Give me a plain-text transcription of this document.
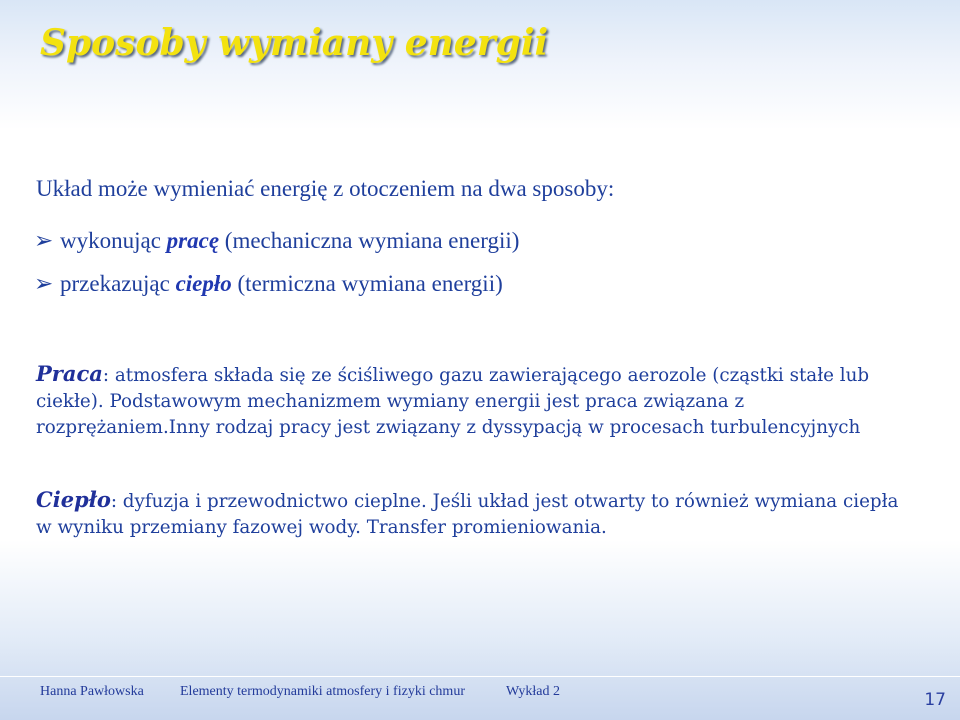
Sposoby wymiany energii
Układ może wymieniać energię z otoczeniem na dwa sposoby:
➢ wykonując pracę (mechaniczna wymiana energii)
➢ przekazując ciepło (termiczna wymiana energii)
Praca: atmosfera składa się ze ściśliwego gazu zawierającego aerozole (cząstki stałe lub ciekłe). Podstawowym mechanizmem wymiany energii jest praca związana z rozprężaniem.Inny rodzaj pracy jest związany z dyssypacją w procesach turbulencyjnych
Ciepło: dyfuzja i przewodnictwo cieplne. Jeśli układ jest otwarty to również wymiana ciepła w wyniku przemiany fazowej wody. Transfer promieniowania.
Hanna Pawłowska	Elementy termodynamiki atmosfery i fizyki chmur	Wykład 2	17
